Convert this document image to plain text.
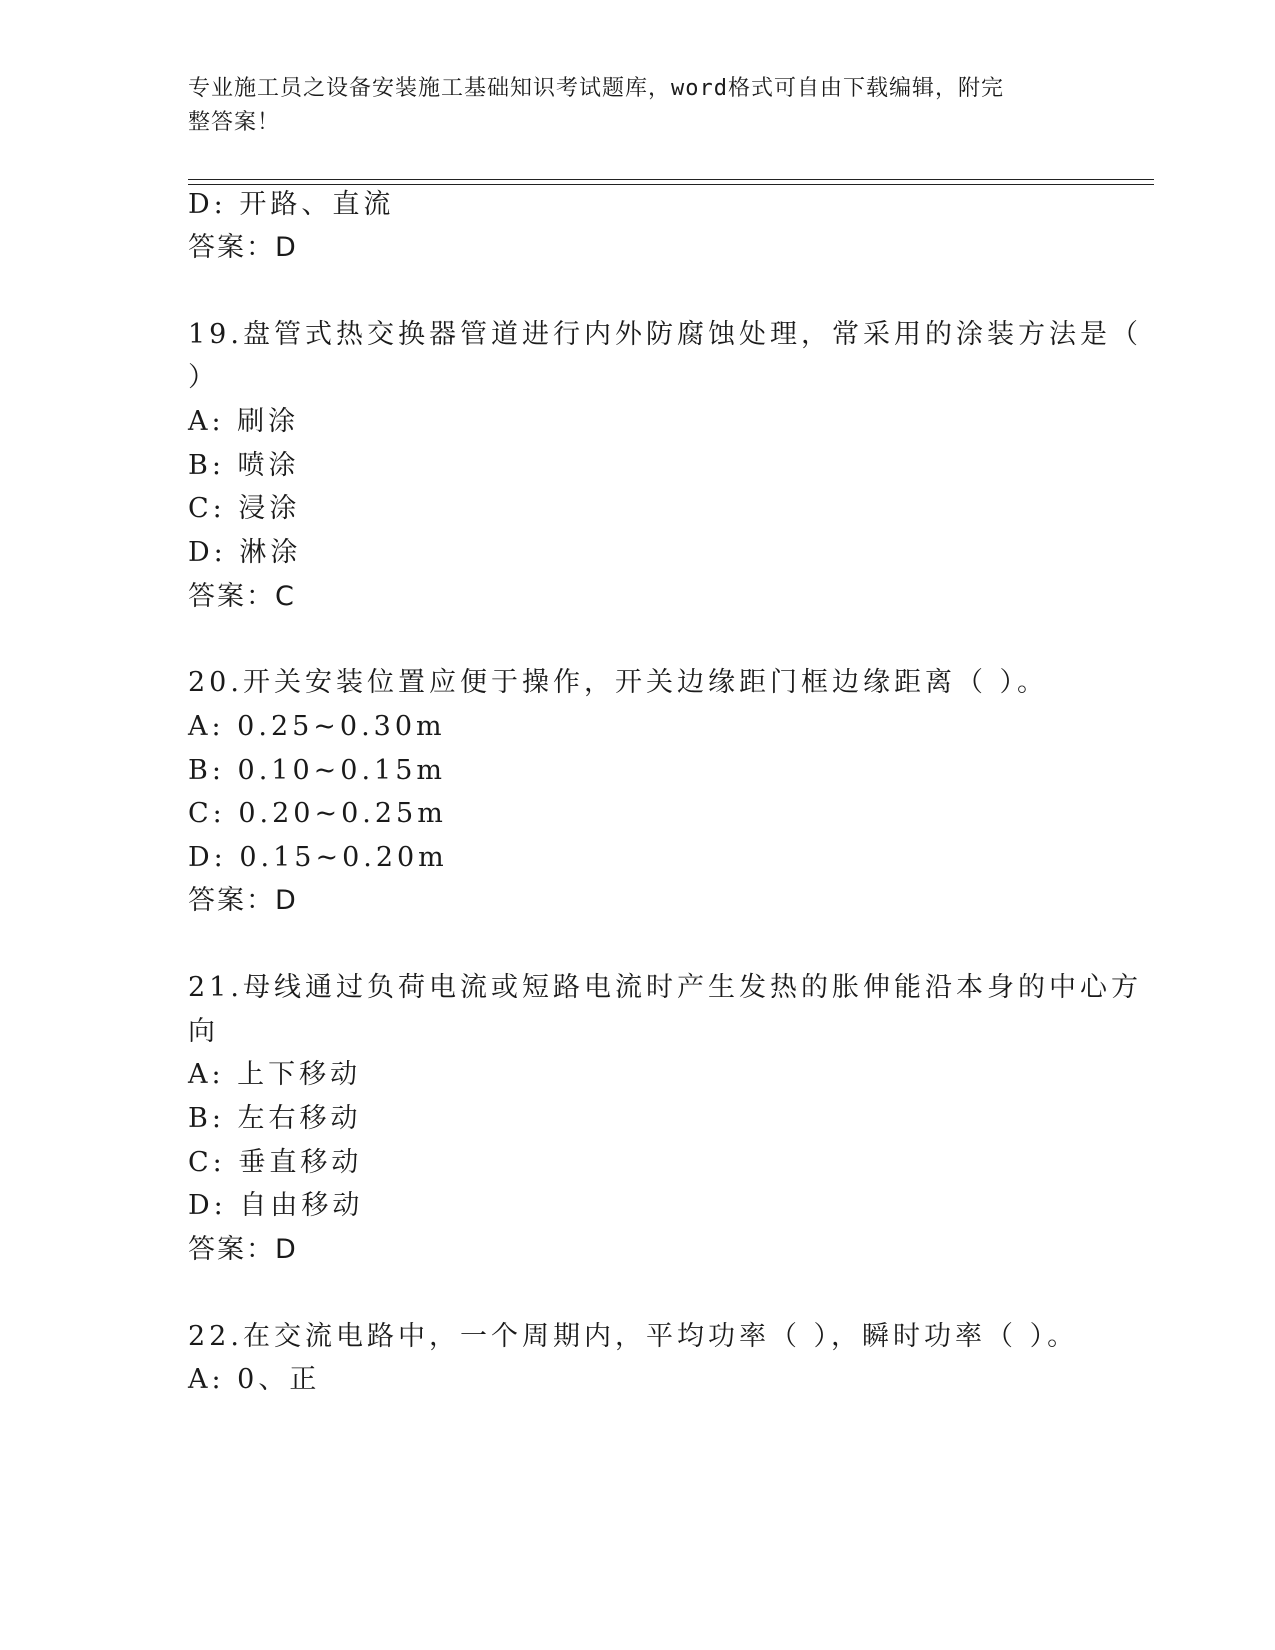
专业施工员之设备安装施工基础知识考试题库，word格式可自由下载编辑，附完
整答案！
D: 开路、直流
答案：D
19.盘管式热交换器管道进行内外防腐蚀处理，常采用的涂装方法是（
）
A: 刷涂
B: 喷涂
C: 浸涂
D: 淋涂
答案：C
20.开关安装位置应便于操作，开关边缘距门框边缘距离（ ）。
A: 0.25~0.30m
B: 0.10~0.15m
C: 0.20~0.25m
D: 0.15~0.20m
答案：D
21.母线通过负荷电流或短路电流时产生发热的胀伸能沿本身的中心方
向
A: 上下移动
B: 左右移动
C: 垂直移动
D: 自由移动
答案：D
22.在交流电路中，一个周期内，平均功率（ ），瞬时功率（ ）。
A: 0、正
